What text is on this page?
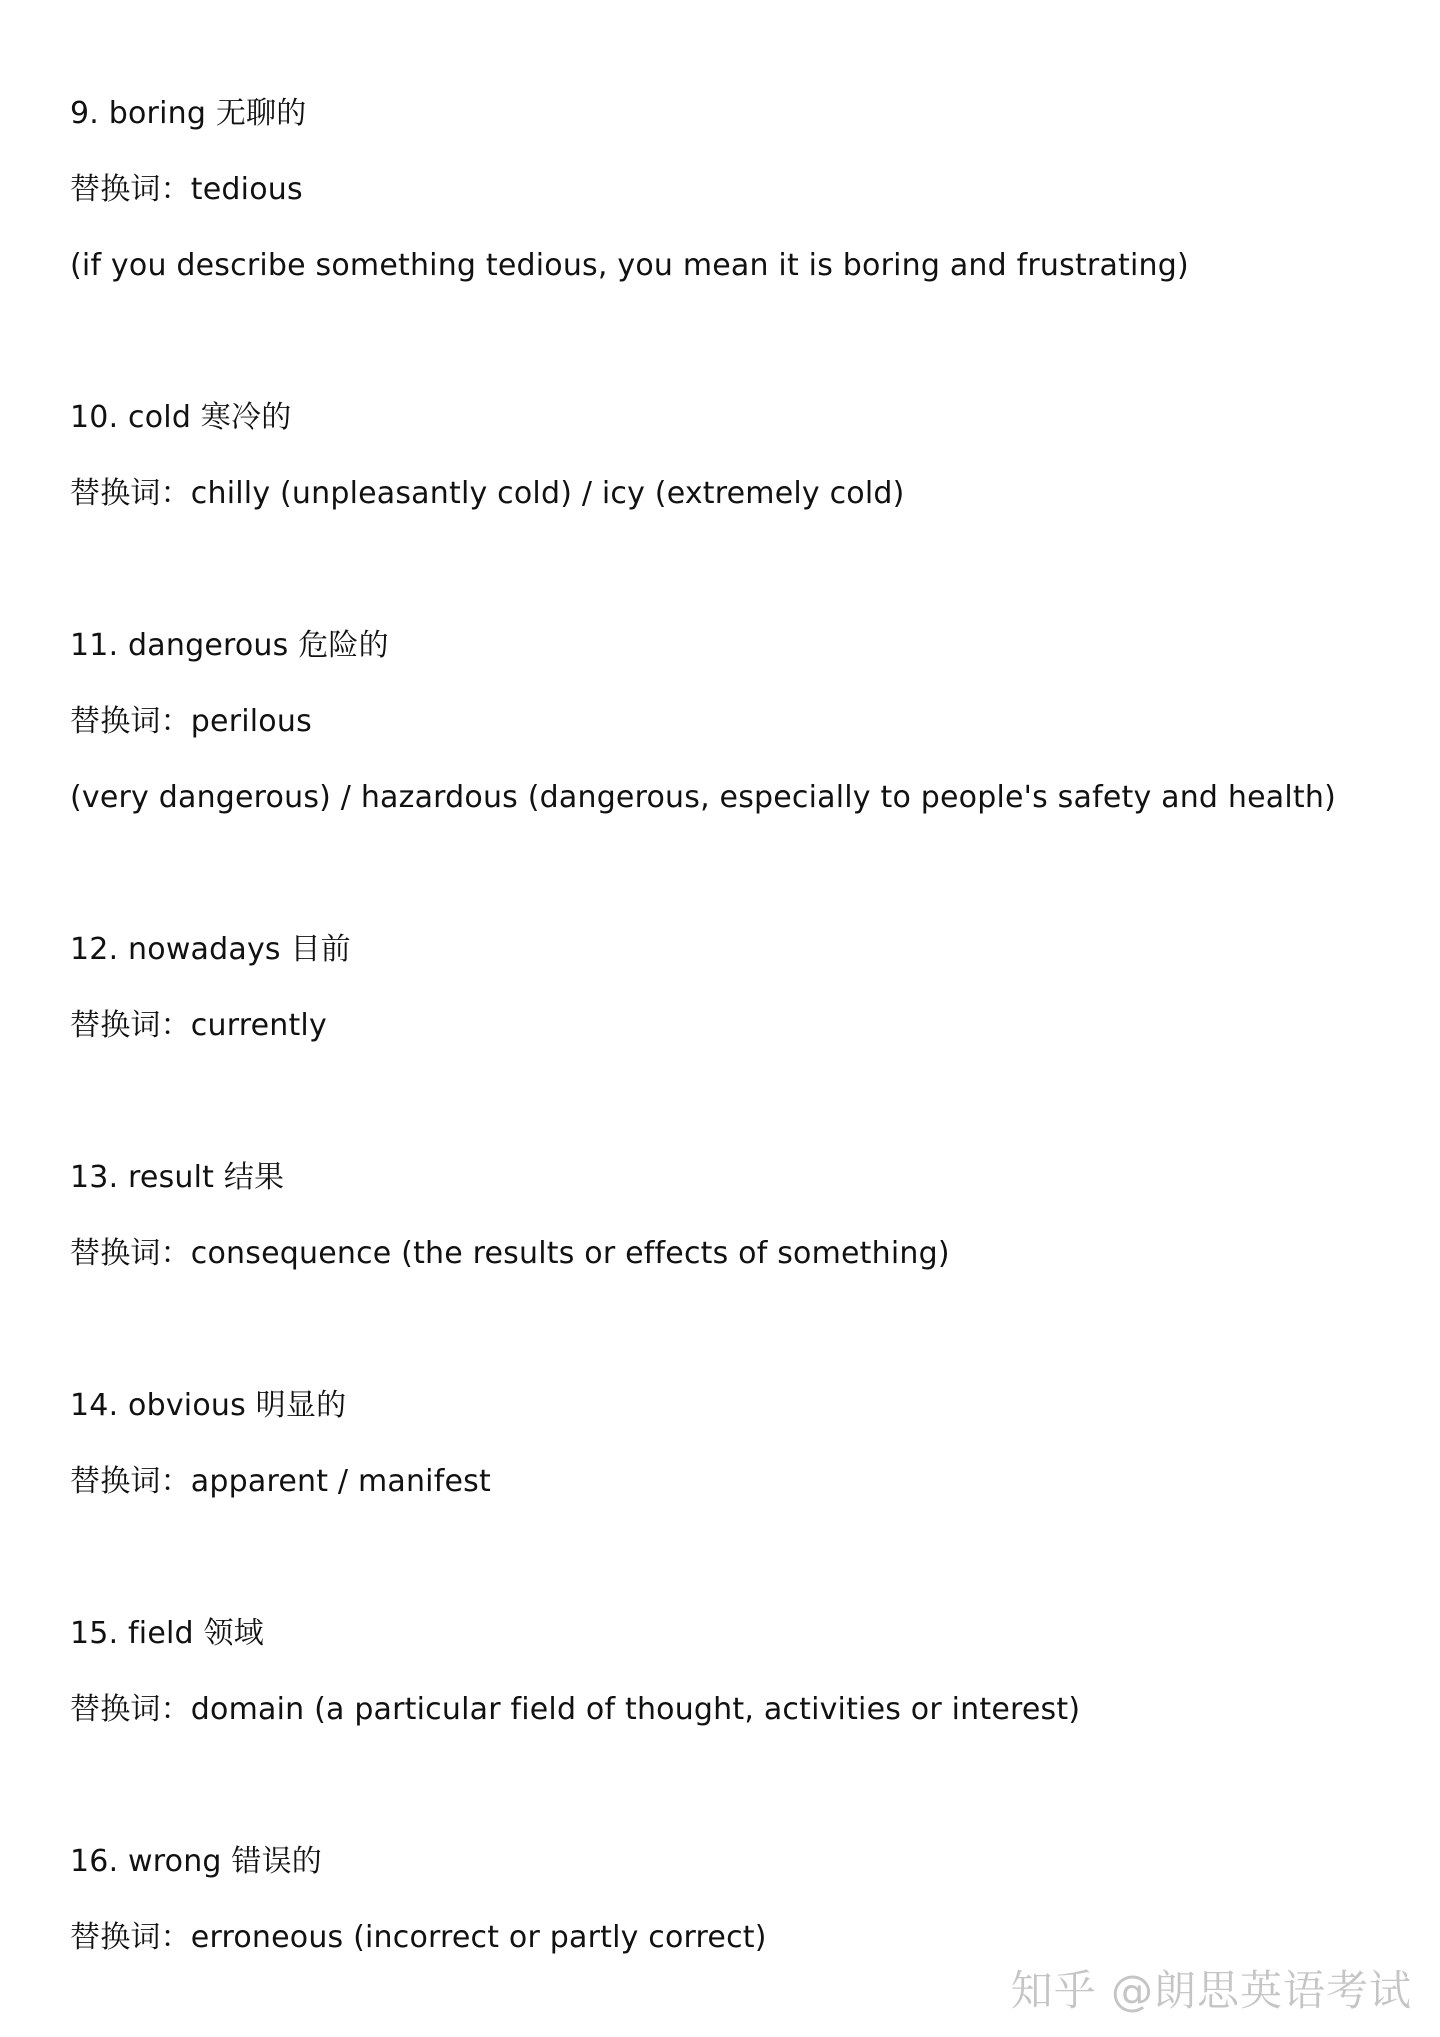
9. boring 无聊的
替换词：tedious
(if you describe something tedious, you mean it is boring and frustrating)
10. cold 寒冷的
替换词：chilly (unpleasantly cold) / icy (extremely cold)
11. dangerous 危险的
替换词：perilous
(very dangerous) / hazardous (dangerous, especially to people's safety and health)
12. nowadays 目前
替换词：currently
13. result 结果
替换词：consequence (the results or effects of something)
14. obvious 明显的
替换词：apparent / manifest
15. field 领域
替换词：domain (a particular field of thought, activities or interest)
16. wrong 错误的
替换词：erroneous (incorrect or partly correct)
知乎 @朗思英语考试
